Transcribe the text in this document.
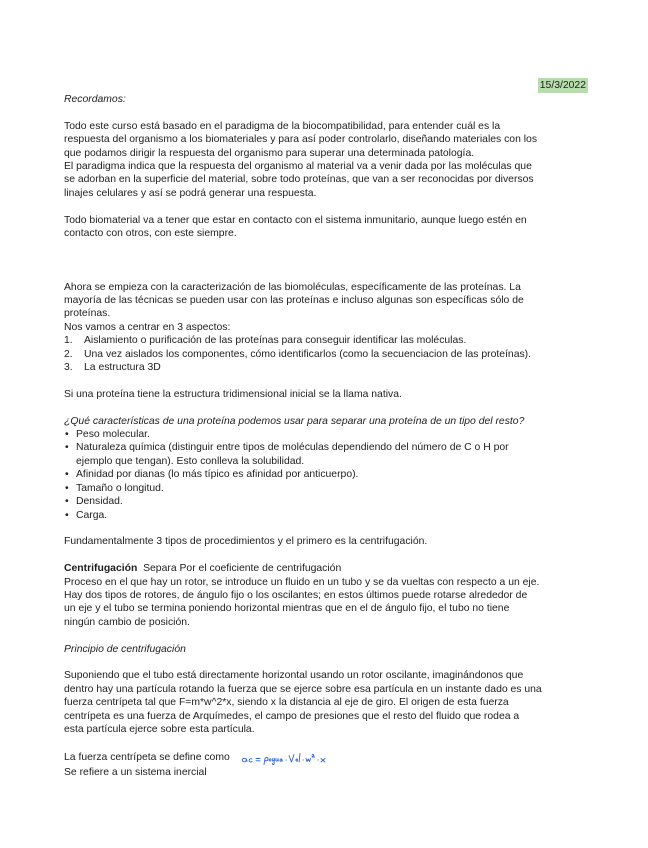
15/3/2022

Recordamos:

Todo este curso está basado en el paradigma de la biocompatibilidad, para entender cuál es la

respuesta del organismo a los biomateriales y para así poder controlarlo, diseñando materiales con los

que podamos dirigir la respuesta del organismo para superar una determinada patología.

El paradigma indica que la respuesta del organismo al material va a venir dada por las moléculas que

se adorban en la superficie del material, sobre todo proteínas, que van a ser reconocidas por diversos

linajes celulares y así se podrá generar una respuesta.

Todo biomaterial va a tener que estar en contacto con el sistema inmunitario, aunque luego estén en

contacto con otros, con este siempre.

Ahora se empieza con la caracterización de las biomoléculas, específicamente de las proteínas. La

mayoría de las técnicas se pueden usar con las proteínas e incluso algunas son específicas sólo de

proteínas.

Nos vamos a centrar en 3 aspectos:

1. Aislamiento o purificación de las proteínas para conseguir identificar las moléculas.
2. Una vez aislados los componentes, cómo identificarlos (como la secuenciacion de las proteínas).
3. La estructura 3D

Si una proteína tiene la estructura tridimensional inicial se la llama nativa.

¿Qué características de una proteína podemos usar para separar una proteína de un tipo del resto?

• Peso molecular.
• Naturaleza química (distinguir entre tipos de moléculas dependiendo del número de C o H por
ejemplo que tengan). Esto conlleva la solubilidad.
• Afinidad por dianas (lo más típico es afinidad por anticuerpo).
• Tamaño o longitud.
• Densidad.
• Carga.

Fundamentalmente 3 tipos de procedimientos y el primero es la centrifugación.

Centrifugación  Separa Por el coeficiente de centrifugación

Proceso en el que hay un rotor, se introduce un fluido en un tubo y se da vueltas con respecto a un eje.

Hay dos tipos de rotores, de ángulo fijo o los oscilantes; en estos últimos puede rotarse alrededor de

un eje y el tubo se termina poniendo horizontal mientras que en el de ángulo fijo, el tubo no tiene

ningún cambio de posición.

Principio de centrifugación

Suponiendo que el tubo está directamente horizontal usando un rotor oscilante, imaginándonos que

dentro hay una partícula rotando la fuerza que se ejerce sobre esa partícula en un instante dado es una

fuerza centrípeta tal que F=m*w^2*x, siendo x la distancia al eje de giro. El origen de esta fuerza

centrípeta es una fuerza de Arquímedes, el campo de presiones que el resto del fluido que rodea a

esta partícula ejerce sobre esta partícula.

La fuerza centrípeta se define como

Se refiere a un sistema inercial
